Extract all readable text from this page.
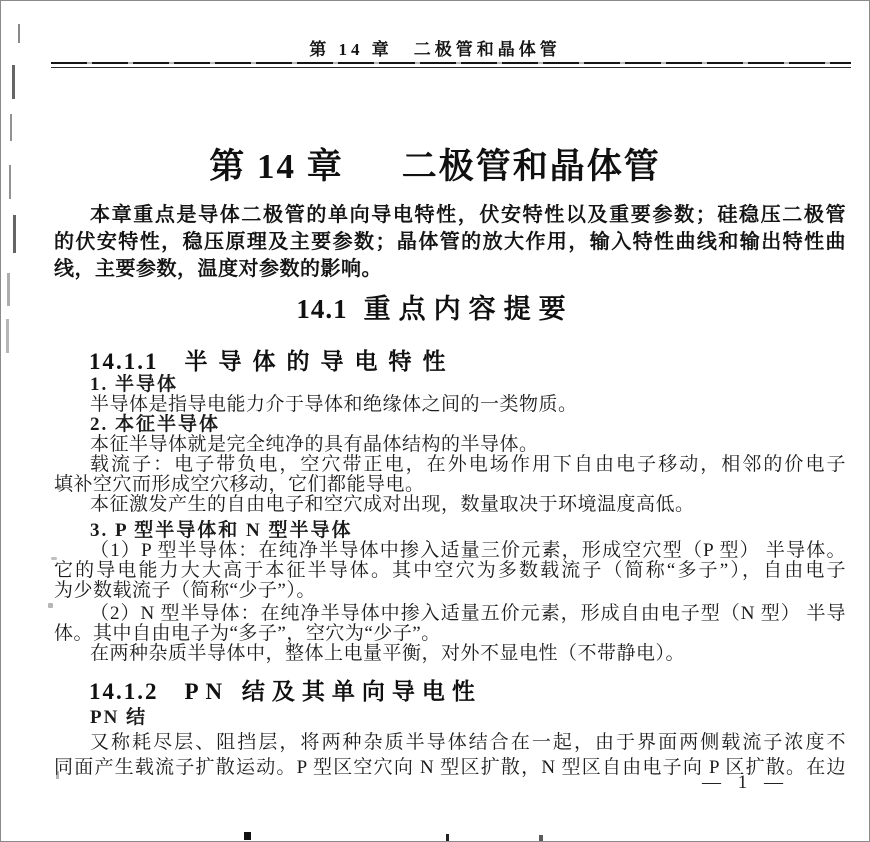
第 14 章　二极管和晶体管
第 14 章 二极管和晶体管
本章重点是导体二极管的单向导电特性，伏安特性以及重要参数；硅稳压二极管
的伏安特性，稳压原理及主要参数；晶体管的放大作用，输入特性曲线和输出特性曲
线，主要参数，温度对参数的影响。
14.1 重点内容提要
14.1.1 半导体的导电特性
1. 半导体
半导体是指导电能力介于导体和绝缘体之间的一类物质。
2. 本征半导体
本征半导体就是完全纯净的具有晶体结构的半导体。
载流子：电子带负电，空穴带正电，在外电场作用下自由电子移动，相邻的价电子
填补空穴而形成空穴移动，它们都能导电。
本征激发产生的自由电子和空穴成对出现，数量取决于环境温度高低。
3. P 型半导体和 N 型半导体
（1）P 型半导体：在纯净半导体中掺入适量三价元素，形成空穴型（P 型） 半导体。
它的导电能力大大高于本征半导体。其中空穴为多数载流子（简称“多子”），自由电子
为少数载流子（简称“少子”）。
（2）N 型半导体：在纯净半导体中掺入适量五价元素，形成自由电子型（N 型） 半导
体。其中自由电子为“多子”，空穴为“少子”。
在两种杂质半导体中，整体上电量平衡，对外不显电性（不带静电）。
14.1.2 PN 结及其单向导电性
PN 结
又称耗尽层、阻挡层，将两种杂质半导体结合在一起，由于界面两侧载流子浓度不
同面产生载流子扩散运动。P 型区空穴向 N 型区扩散，N 型区自由电子向 P 区扩散。在边
— 1 —
